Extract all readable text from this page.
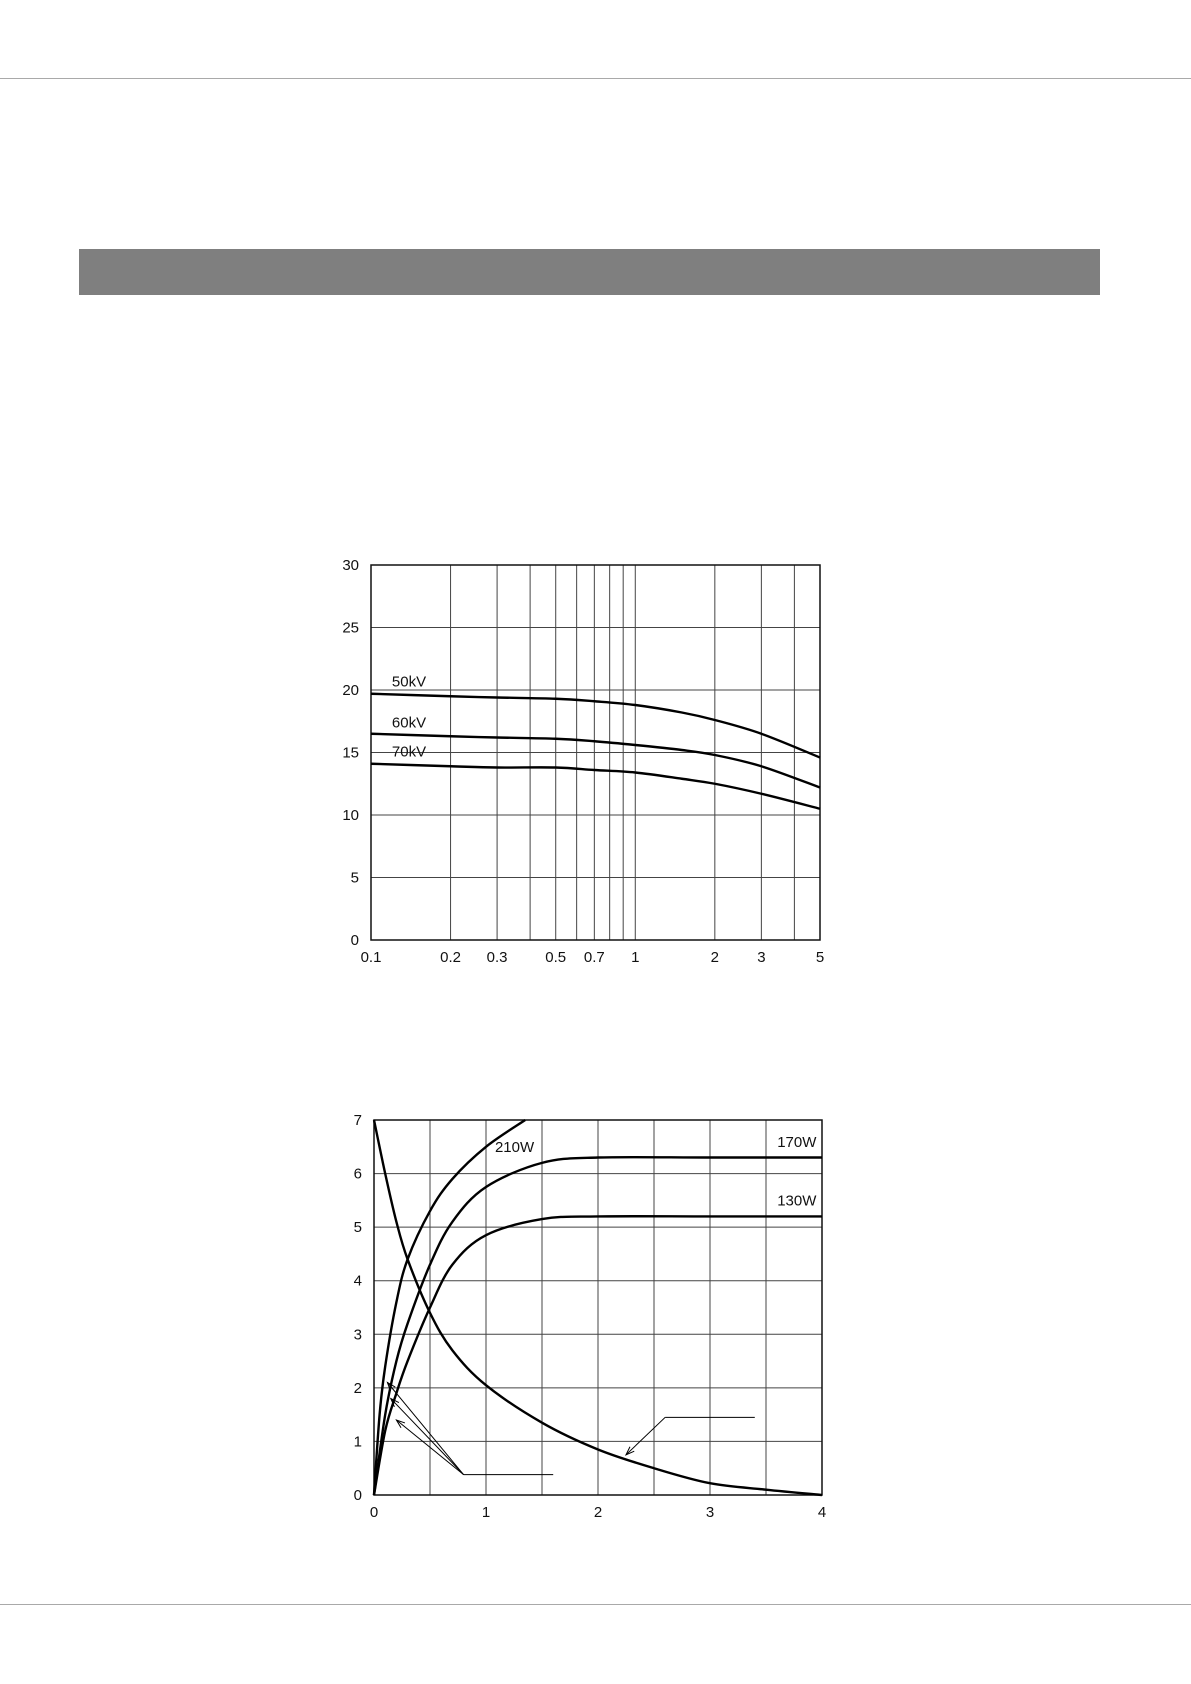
0.1	0.2 0.3	0.5 0.7 1	2	3	5
0
5
10
15
20
25
30
50kV
60kV
70kV
0	1	2	3	4
0
1
2
3
4
5
6
7
210W	170W
130W
